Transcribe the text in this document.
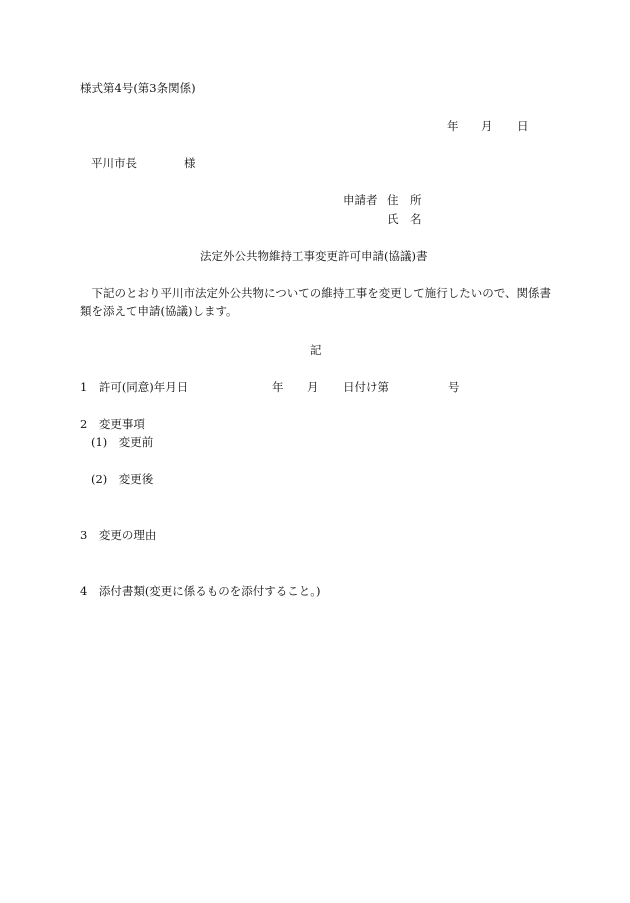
様式第4号(第3条関係)
年 月 日
平川市長	様
申請者 住　所
氏　名
法定外公共物維持工事変更許可申請(協議)書
　下記のとおり平川市法定外公共物についての維持工事を変更して施行したいので、関係書
類を添えて申請(協議)します。
記
1　許可(同意)年月日	年 月 日付け第	号
2　変更事項
(1)　変更前
(2)　変更後
3　変更の理由
4　添付書類(変更に係るものを添付すること。)
